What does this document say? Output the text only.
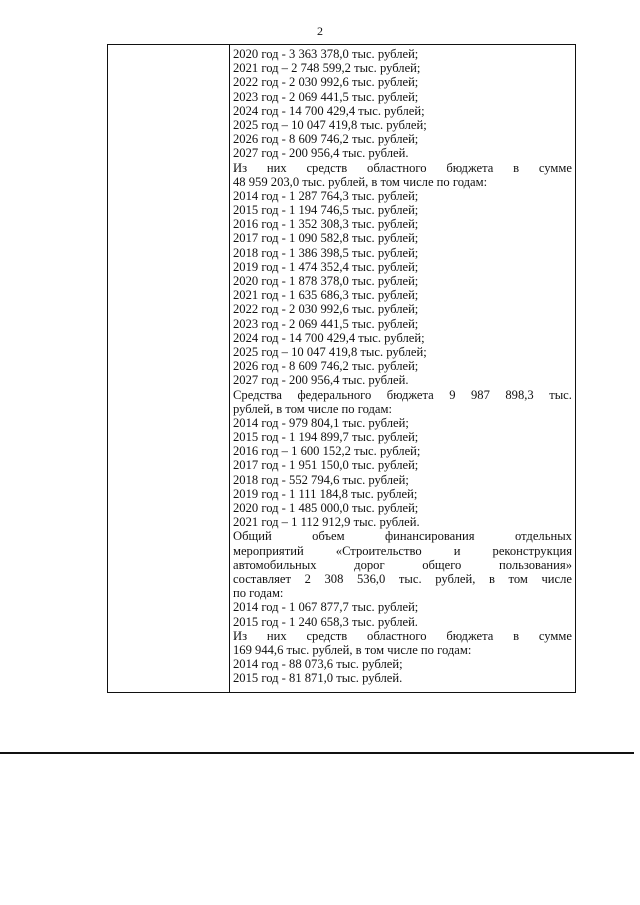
2
2020 год - 3 363 378,0 тыс. рублей;
2021 год – 2 748 599,2 тыс. рублей;
2022 год - 2 030 992,6 тыс. рублей;
2023 год - 2 069 441,5 тыс. рублей;
2024 год - 14 700 429,4 тыс. рублей;
2025 год – 10 047 419,8 тыс. рублей;
2026 год - 8 609 746,2 тыс. рублей;
2027 год - 200 956,4 тыс. рублей.
Из них средств областного бюджета в сумме
48 959 203,0 тыс. рублей, в том числе по годам:
2014 год - 1 287 764,3 тыс. рублей;
2015 год - 1 194 746,5 тыс. рублей;
2016 год - 1 352 308,3 тыс. рублей;
2017 год - 1 090 582,8 тыс. рублей;
2018 год - 1 386 398,5 тыс. рублей;
2019 год - 1 474 352,4 тыс. рублей;
2020 год - 1 878 378,0 тыс. рублей;
2021 год - 1 635 686,3 тыс. рублей;
2022 год - 2 030 992,6 тыс. рублей;
2023 год - 2 069 441,5 тыс. рублей;
2024 год - 14 700 429,4 тыс. рублей;
2025 год – 10 047 419,8 тыс. рублей;
2026 год - 8 609 746,2 тыс. рублей;
2027 год - 200 956,4 тыс. рублей.
Средства федерального бюджета 9 987 898,3 тыс.
рублей, в том числе по годам:
2014 год - 979 804,1 тыс. рублей;
2015 год - 1 194 899,7 тыс. рублей;
2016 год – 1 600 152,2 тыс. рублей;
2017 год - 1 951 150,0 тыс. рублей;
2018 год - 552 794,6 тыс. рублей;
2019 год - 1 111 184,8 тыс. рублей;
2020 год - 1 485 000,0 тыс. рублей;
2021 год – 1 112 912,9 тыс. рублей.
Общий	объем	финансирования	отдельных
мероприятий	«Строительство	и	реконструкция
автомобильных	дорог	общего	пользования»
составляет 2 308 536,0 тыс. рублей, в том числе
по годам:
2014 год - 1 067 877,7 тыс. рублей;
2015 год - 1 240 658,3 тыс. рублей.
Из них средств областного бюджета в сумме
169 944,6 тыс. рублей, в том числе по годам:
2014 год - 88 073,6 тыс. рублей;
2015 год - 81 871,0 тыс. рублей.
